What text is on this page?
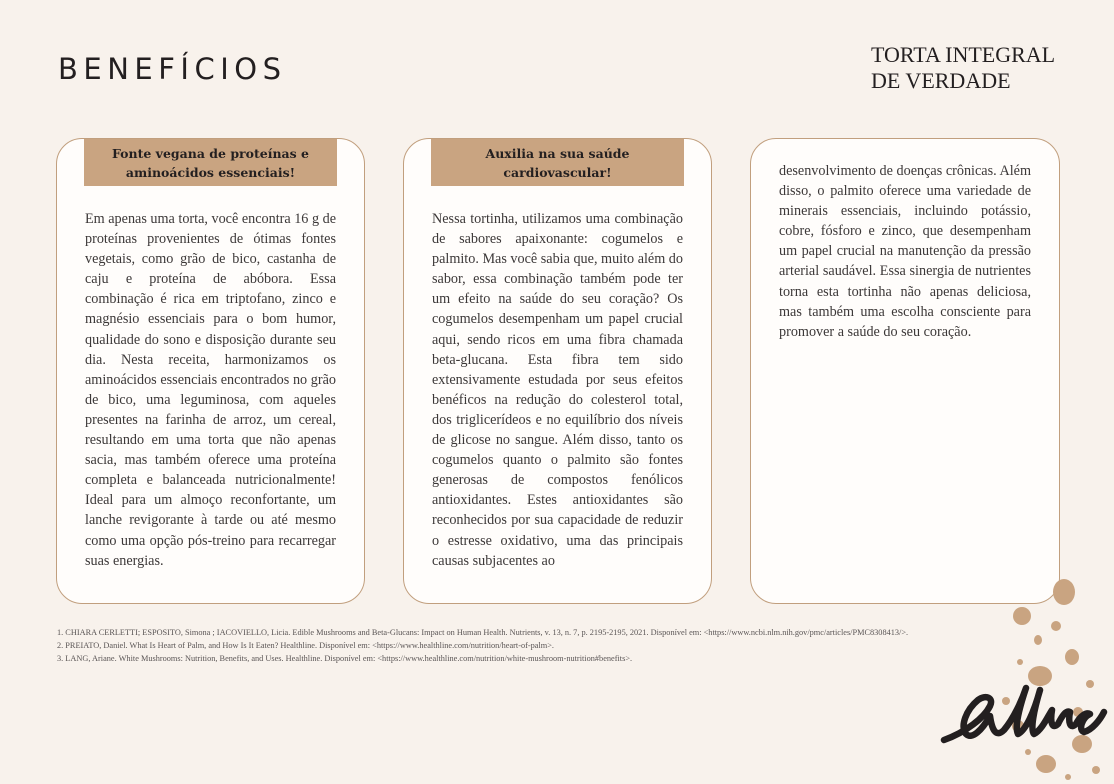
BENEFÍCIOS	TORTA INTEGRAL
DE VERDADE
Fonte vegana de proteínas e aminoácidos essenciais!
Em apenas uma torta, você encontra 16 g de proteínas provenientes de ótimas fontes vegetais, como grão de bico, castanha de caju e proteína de abóbora. Essa combinação é rica em triptofano, zinco e magnésio essenciais para o bom humor, qualidade do sono e disposição durante seu dia. Nesta receita, harmonizamos os aminoácidos essenciais encontrados no grão de bico, uma leguminosa, com aqueles presentes na farinha de arroz, um cereal, resultando em uma torta que não apenas sacia, mas também oferece uma proteína completa e balanceada nutricionalmente! Ideal para um almoço reconfortante, um lanche revigorante à tarde ou até mesmo como uma opção pós-treino para recarregar suas energias.
Auxilia na sua saúde cardiovascular!
Nessa tortinha, utilizamos uma combinação de sabores apaixonante: cogumelos e palmito. Mas você sabia que, muito além do sabor, essa combinação também pode ter um efeito na saúde do seu coração? Os cogumelos desempenham um papel crucial aqui, sendo ricos em uma fibra chamada beta-glucana. Esta fibra tem sido extensivamente estudada por seus efeitos benéficos na redução do colesterol total, dos triglicerídeos e no equilíbrio dos níveis de glicose no sangue. Além disso, tanto os cogumelos quanto o palmito são fontes generosas de compostos fenólicos antioxidantes. Estes antioxidantes são reconhecidos por sua capacidade de reduzir o estresse oxidativo, uma das principais causas subjacentes ao
desenvolvimento de doenças crônicas. Além disso, o palmito oferece uma variedade de minerais essenciais, incluindo potássio, cobre, fósforo e zinco, que desempenham um papel crucial na manutenção da pressão arterial saudável. Essa sinergia de nutrientes torna esta tortinha não apenas deliciosa, mas também uma escolha consciente para promover a saúde do seu coração.

1. CHIARA CERLETTI; ESPOSITO, Simona ; IACOVIELLO, Licia. Edible Mushrooms and Beta-Glucans: Impact on Human Health. Nutrients, v. 13, n. 7, p. 2195-2195, 2021. Disponível em: <https://www.ncbi.nlm.nih.gov/pmc/articles/PMC8308413/>.

2. PREIATO, Daniel. What Is Heart of Palm, and How Is It Eaten? Healthline. Disponível em: <https://www.healthline.com/nutrition/heart-of-palm>.

3. LANG, Ariane. White Mushrooms: Nutrition, Benefits, and Uses. Healthline. Disponível em: <https://www.healthline.com/nutrition/white-mushroom-nutrition#benefits>.
